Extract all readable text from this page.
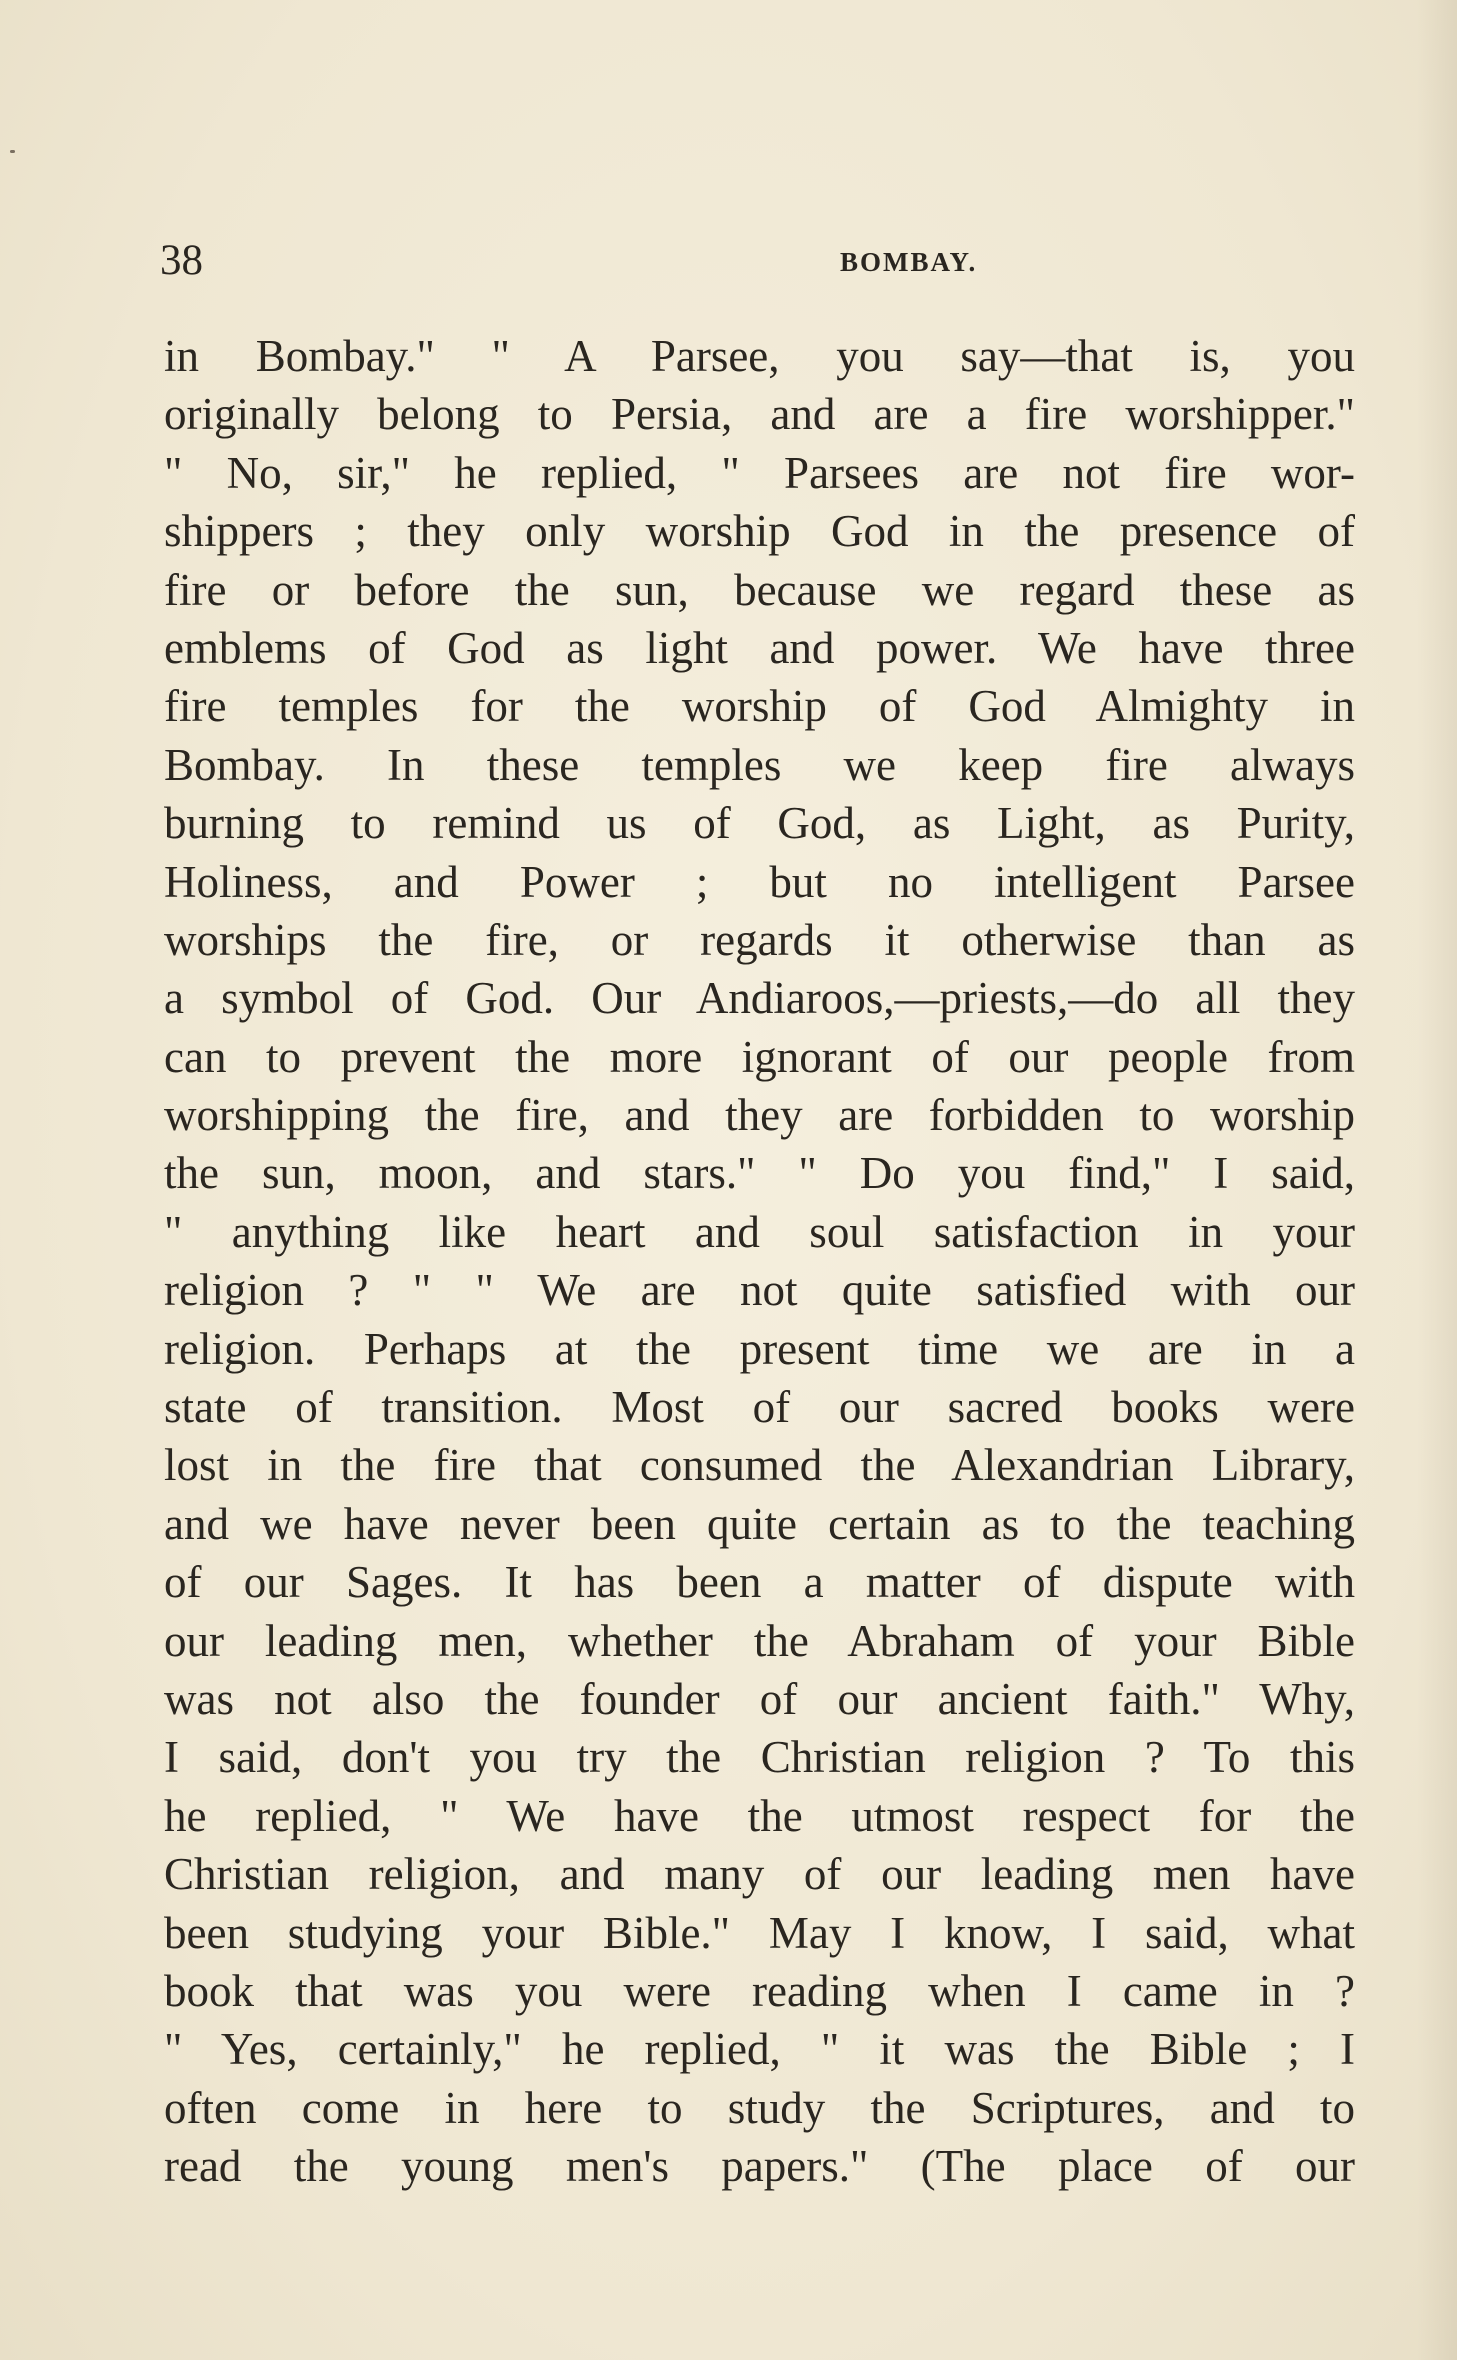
38	BOMBAY.
in Bombay." " A Parsee, you say—that is, you
originally belong to Persia, and are a fire worshipper."
" No, sir," he replied, " Parsees are not fire wor-
shippers ; they only worship God in the presence of
fire or before the sun, because we regard these as
emblems of God as light and power. We have three
fire temples for the worship of God Almighty in
Bombay. In these temples we keep fire always
burning to remind us of God, as Light, as Purity,
Holiness, and Power ; but no intelligent Parsee
worships the fire, or regards it otherwise than as
a symbol of God. Our Andiaroos,—priests,—do all they
can to prevent the more ignorant of our people from
worshipping the fire, and they are forbidden to worship
the sun, moon, and stars." " Do you find," I said,
" anything like heart and soul satisfaction in your
religion ? " " We are not quite satisfied with our
religion. Perhaps at the present time we are in a
state of transition. Most of our sacred books were
lost in the fire that consumed the Alexandrian Library,
and we have never been quite certain as to the teaching
of our Sages. It has been a matter of dispute with
our leading men, whether the Abraham of your Bible
was not also the founder of our ancient faith." Why,
I said, don't you try the Christian religion ? To this
he replied, " We have the utmost respect for the
Christian religion, and many of our leading men have
been studying your Bible." May I know, I said, what
book that was you were reading when I came in ?
" Yes, certainly," he replied, " it was the Bible ; I
often come in here to study the Scriptures, and to
read the young men's papers." (The place of our
